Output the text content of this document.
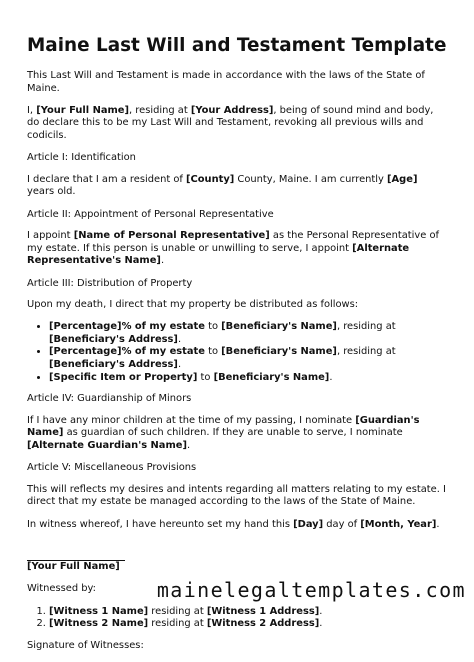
Maine Last Will and Testament Template

This Last Will and Testament is made in accordance with the laws of the State of Maine.

I, [Your Full Name], residing at [Your Address], being of sound mind and body, do declare this to be my Last Will and Testament, revoking all previous wills and codicils.

Article I: Identification

I declare that I am a resident of [County] County, Maine. I am currently [Age] years old.

Article II: Appointment of Personal Representative

I appoint [Name of Personal Representative] as the Personal Representative of my estate. If this person is unable or unwilling to serve, I appoint [Alternate Representative's Name].

Article III: Distribution of Property

Upon my death, I direct that my property be distributed as follows:

• [Percentage]% of my estate to [Beneficiary's Name], residing at [Beneficiary's Address].
• [Percentage]% of my estate to [Beneficiary's Name], residing at [Beneficiary's Address].
• [Specific Item or Property] to [Beneficiary's Name].

Article IV: Guardianship of Minors

If I have any minor children at the time of my passing, I nominate [Guardian's Name] as guardian of such children. If they are unable to serve, I nominate [Alternate Guardian's Name].

Article V: Miscellaneous Provisions

This will reflects my desires and intents regarding all matters relating to my estate. I direct that my estate be managed according to the laws of the State of Maine.

In witness whereof, I have hereunto set my hand this [Day] day of [Month, Year].

[Your Full Name]

Witnessed by:

1. [Witness 1 Name] residing at [Witness 1 Address].
2. [Witness 2 Name] residing at [Witness 2 Address].

Signature of Witnesses:

mainelegaltemplates.com
